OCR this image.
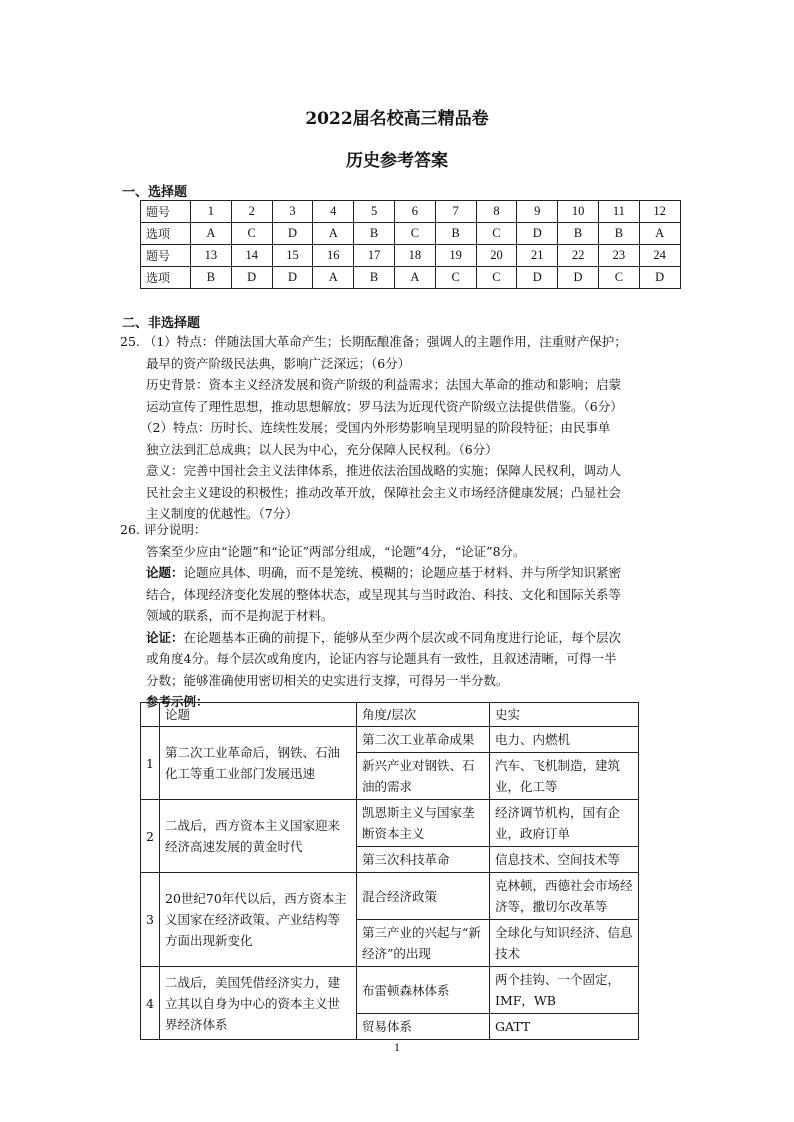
2022届名校高三精品卷
历史参考答案
一、选择题
题号	1	2	3	4	5	6	7	8	9	10	11	12
选项	A	C	D	A	B	C	B	C	D	B	B	A
题号	13	14	15	16	17	18	19	20	21	22	23	24
选项	B	D	D	A	B	A	C	C	D	D	C	D
二、非选择题
25. （1）特点：伴随法国大革命产生；长期酝酿准备；强调人的主题作用，注重财产保护；
最早的资产阶级民法典，影响广泛深远；（6分）
历史背景：资本主义经济发展和资产阶级的利益需求；法国大革命的推动和影响；启蒙
运动宣传了理性思想，推动思想解放；罗马法为近现代资产阶级立法提供借鉴。（6分）
（2）特点：历时长、连续性发展；受国内外形势影响呈现明显的阶段特征；由民事单
独立法到汇总成典；以人民为中心，充分保障人民权利。（6分）
意义：完善中国社会主义法律体系，推进依法治国战略的实施；保障人民权利，调动人
民社会主义建设的积极性；推动改革开放，保障社会主义市场经济健康发展；凸显社会
主义制度的优越性。（7分）
26. 评分说明：
答案至少应由“论题”和“论证”两部分组成，“论题”4分，“论证”8分。
论题：论题应具体、明确，而不是笼统、模糊的；论题应基于材料、并与所学知识紧密
结合，体现经济变化发展的整体状态，或呈现其与当时政治、科技、文化和国际关系等
领域的联系，而不是拘泥于材料。
论证：在论题基本正确的前提下，能够从至少两个层次或不同角度进行论证，每个层次
或角度4分。每个层次或角度内，论证内容与论题具有一致性，且叙述清晰，可得一半
分数；能够准确使用密切相关的史实进行支撑，可得另一半分数。
参考示例：
	论题	角度/层次	史实
1	第二次工业革命后，钢铁、石油化工等重工业部门发展迅速	第二次工业革命成果	电力、内燃机
		新兴产业对钢铁、石油的需求	汽车、飞机制造，建筑业，化工等
2	二战后，西方资本主义国家迎来经济高速发展的黄金时代	凯恩斯主义与国家垄断资本主义	经济调节机构，国有企业，政府订单
		第三次科技革命	信息技术、空间技术等
3	20世纪70年代以后，西方资本主义国家在经济政策、产业结构等方面出现新变化	混合经济政策	克林顿，西德社会市场经济等，撒切尔改革等
		第三产业的兴起与“新经济”的出现	全球化与知识经济、信息技术
4	二战后，美国凭借经济实力，建立其以自身为中心的资本主义世界经济体系	布雷顿森林体系	两个挂钩、一个固定，IMF，WB
		贸易体系	GATT
1
